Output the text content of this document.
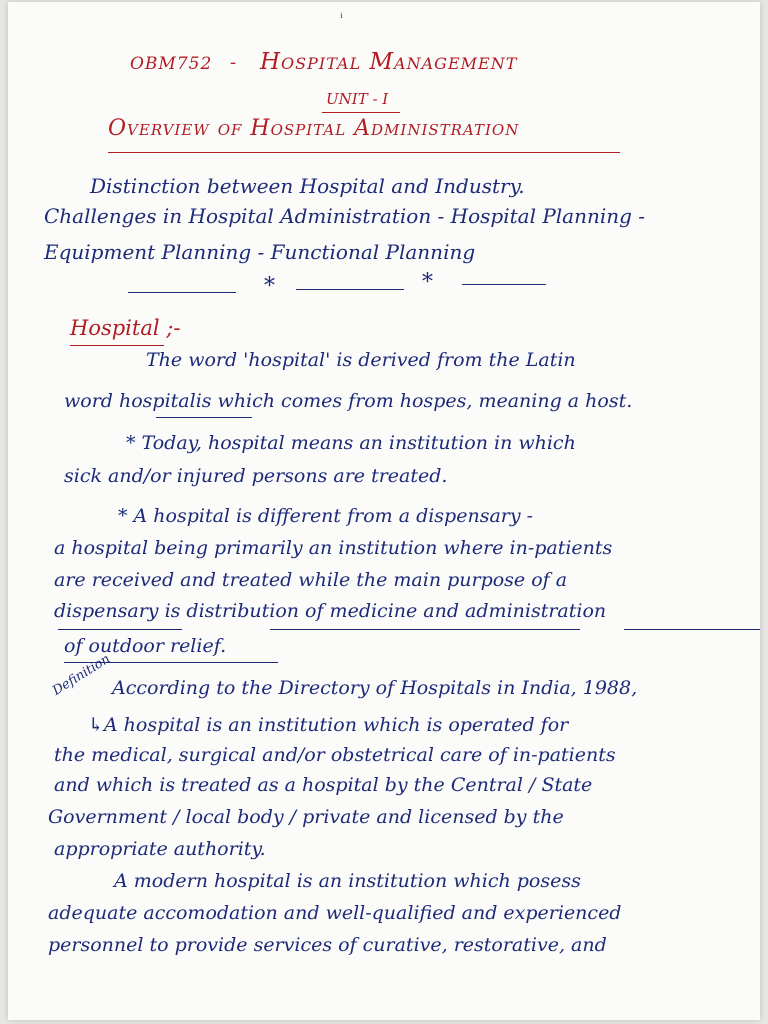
ᵢ
OBM752 - Hospital Management
UNIT - I
Overview of Hospital Administration
Distinction between Hospital and Industry.
Challenges in Hospital Administration - Hospital Planning -
Equipment Planning - Functional Planning
*	*
Hospital ;-
The word 'hospital' is derived from the Latin
word hospitalis which comes from hospes, meaning a host.
* Today, hospital means an institution in which
sick and/or injured persons are treated.
* A hospital is different from a dispensary -
a hospital being primarily an institution where in-patients
are received and treated while the main purpose of a
dispensary is distribution of medicine and administration
of outdoor relief.
Definition According to the Directory of Hospitals in India, 1988,
↳A hospital is an institution which is operated for
the medical, surgical and/or obstetrical care of in-patients
and which is treated as a hospital by the Central / State
Government / local body / private and licensed by the
appropriate authority.
A modern hospital is an institution which posess
adequate accomodation and well-qualified and experienced
personnel to provide services of curative, restorative, and
